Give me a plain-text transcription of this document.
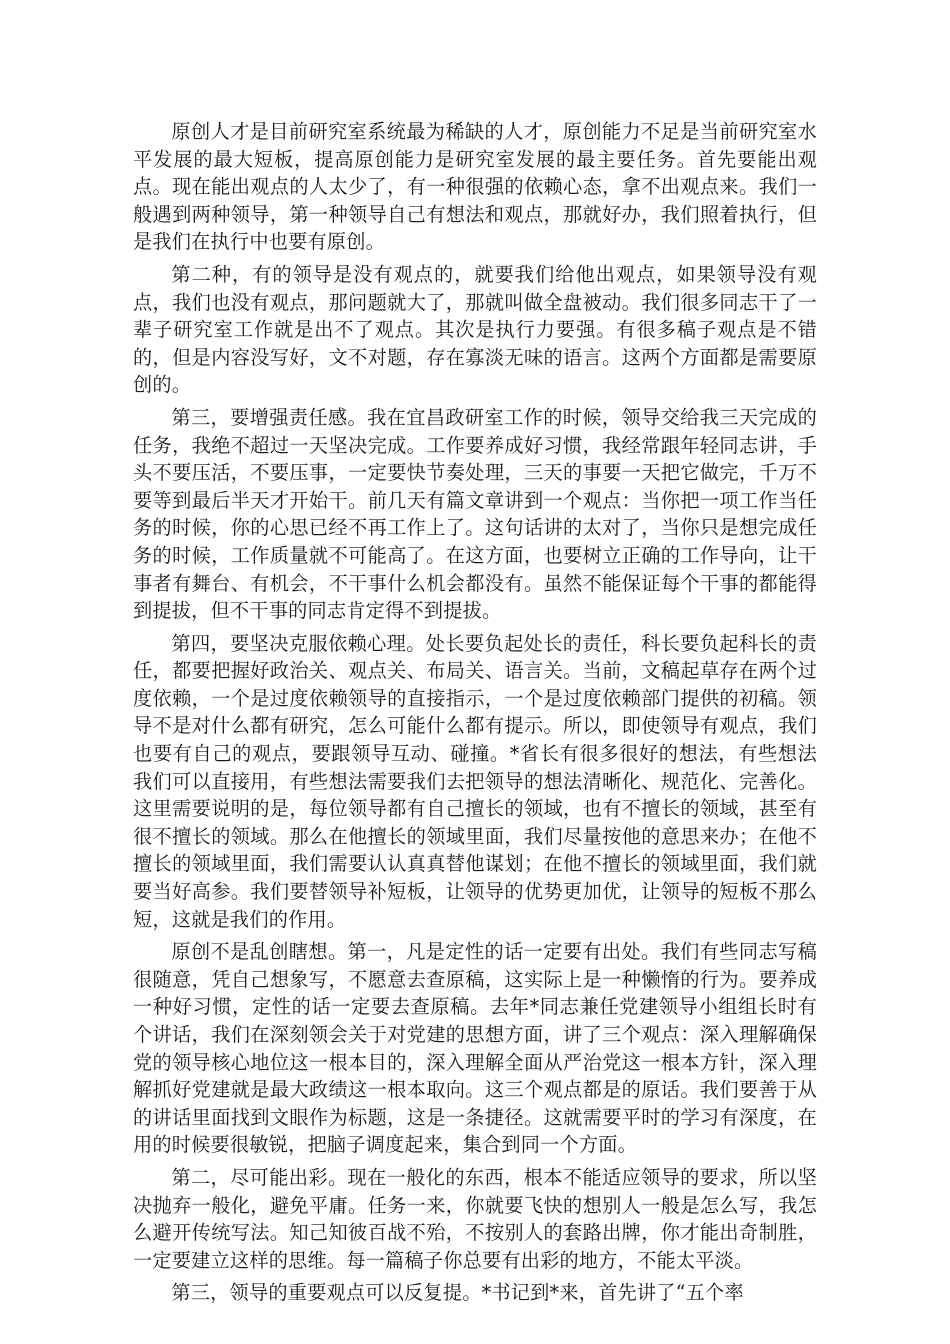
原创人才是目前研究室系统最为稀缺的人才，原创能力不足是当前研究室水平发展的最大短板，提高原创能力是研究室发展的最主要任务。首先要能出观点。现在能出观点的人太少了，有一种很强的依赖心态，拿不出观点来。我们一般遇到两种领导，第一种领导自己有想法和观点，那就好办，我们照着执行，但是我们在执行中也要有原创。

第二种，有的领导是没有观点的，就要我们给他出观点，如果领导没有观点，我们也没有观点，那问题就大了，那就叫做全盘被动。我们很多同志干了一辈子研究室工作就是出不了观点。其次是执行力要强。有很多稿子观点是不错的，但是内容没写好，文不对题，存在寡淡无味的语言。这两个方面都是需要原创的。

第三，要增强责任感。我在宜昌政研室工作的时候，领导交给我三天完成的任务，我绝不超过一天坚决完成。工作要养成好习惯，我经常跟年轻同志讲，手头不要压活，不要压事，一定要快节奏处理，三天的事要一天把它做完，千万不要等到最后半天才开始干。前几天有篇文章讲到一个观点：当你把一项工作当任务的时候，你的心思已经不再工作上了。这句话讲的太对了，当你只是想完成任务的时候，工作质量就不可能高了。在这方面，也要树立正确的工作导向，让干事者有舞台、有机会，不干事什么机会都没有。虽然不能保证每个干事的都能得到提拔，但不干事的同志肯定得不到提拔。

第四，要坚决克服依赖心理。处长要负起处长的责任，科长要负起科长的责任，都要把握好政治关、观点关、布局关、语言关。当前，文稿起草存在两个过度依赖，一个是过度依赖领导的直接指示，一个是过度依赖部门提供的初稿。领导不是对什么都有研究，怎么可能什么都有提示。所以，即使领导有观点，我们也要有自己的观点，要跟领导互动、碰撞。*省长有很多很好的想法，有些想法我们可以直接用，有些想法需要我们去把领导的想法清晰化、规范化、完善化。这里需要说明的是，每位领导都有自己擅长的领域，也有不擅长的领域，甚至有很不擅长的领域。那么在他擅长的领域里面，我们尽量按他的意思来办；在他不擅长的领域里面，我们需要认认真真替他谋划；在他不擅长的领域里面，我们就要当好高参。我们要替领导补短板，让领导的优势更加优，让领导的短板不那么短，这就是我们的作用。

原创不是乱创瞎想。第一，凡是定性的话一定要有出处。我们有些同志写稿很随意，凭自己想象写，不愿意去查原稿，这实际上是一种懒惰的行为。要养成一种好习惯，定性的话一定要去查原稿。去年*同志兼任党建领导小组组长时有个讲话，我们在深刻领会关于对党建的思想方面，讲了三个观点：深入理解确保党的领导核心地位这一根本目的，深入理解全面从严治党这一根本方针，深入理解抓好党建就是最大政绩这一根本取向。这三个观点都是的原话。我们要善于从的讲话里面找到文眼作为标题，这是一条捷径。这就需要平时的学习有深度，在用的时候要很敏锐，把脑子调度起来，集合到同一个方面。

第二，尽可能出彩。现在一般化的东西，根本不能适应领导的要求，所以坚决抛弃一般化，避免平庸。任务一来，你就要飞快的想别人一般是怎么写，我怎么避开传统写法。知己知彼百战不殆，不按别人的套路出牌，你才能出奇制胜，一定要建立这样的思维。每一篇稿子你总要有出彩的地方，不能太平淡。

第三，领导的重要观点可以反复提。*书记到*来，首先讲了“五个率
